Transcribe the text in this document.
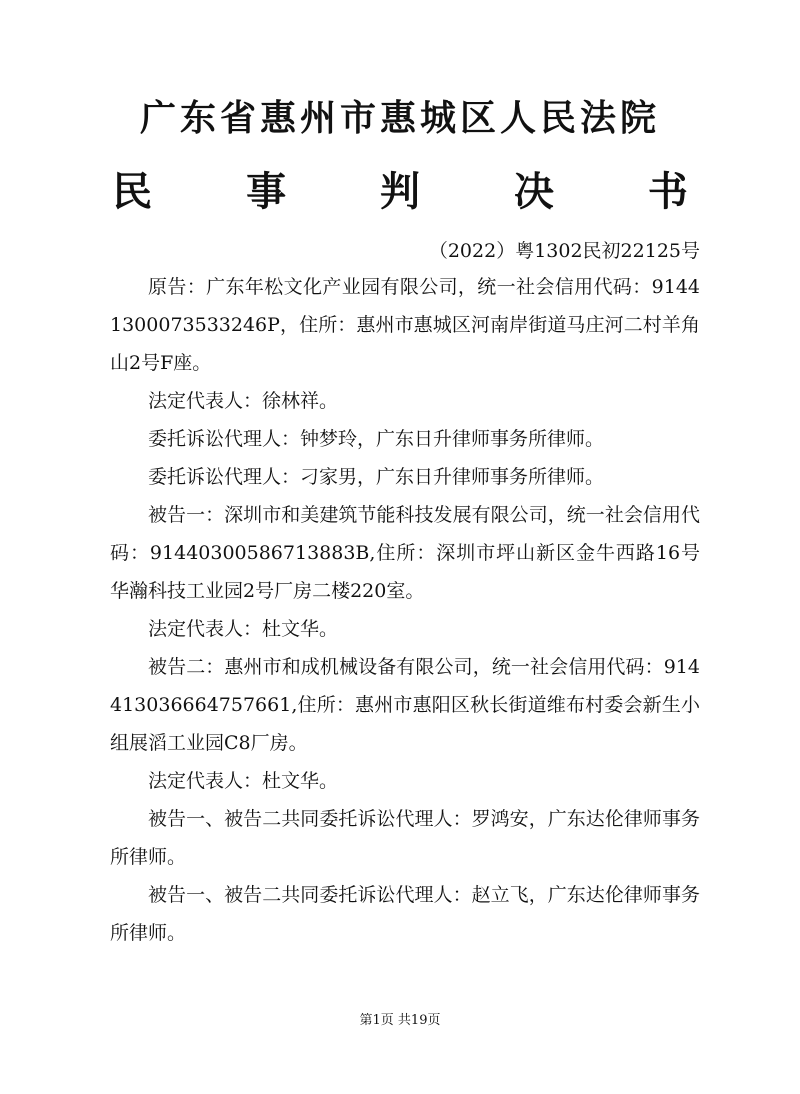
广东省惠州市惠城区人民法院
民 事 判 决 书
（2022）粤1302民初22125号

原告：广东年松文化产业园有限公司，统一社会信用代码：91441300073533246P，住所：惠州市惠城区河南岸街道马庄河二村羊角山2号F座。

法定代表人：徐林祥。

委托诉讼代理人：钟梦玲，广东日升律师事务所律师。

委托诉讼代理人：刁家男，广东日升律师事务所律师。

被告一：深圳市和美建筑节能科技发展有限公司，统一社会信用代码：91440300586713883B,住所：深圳市坪山新区金牛西路16号华瀚科技工业园2号厂房二楼220室。

法定代表人：杜文华。

被告二：惠州市和成机械设备有限公司，统一社会信用代码：914413036664757661,住所：惠州市惠阳区秋长街道维布村委会新生小组展滔工业园C8厂房。

法定代表人：杜文华。

被告一、被告二共同委托诉讼代理人：罗鸿安，广东达伦律师事务所律师。

被告一、被告二共同委托诉讼代理人：赵立飞，广东达伦律师事务所律师。

第1页 共19页
